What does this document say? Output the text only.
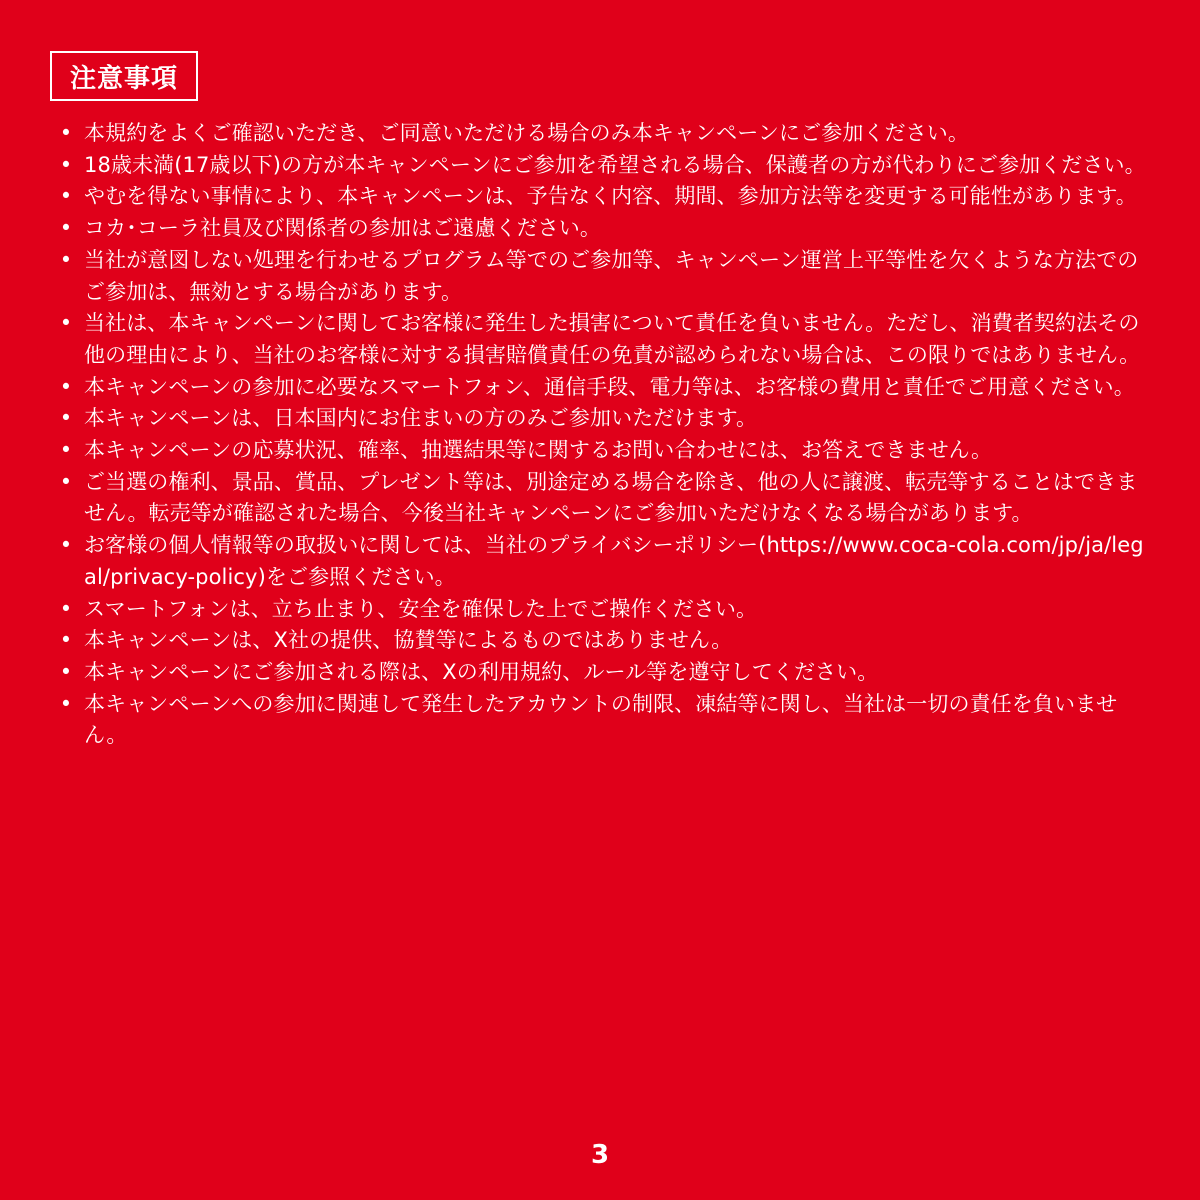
注意事項
• 本規約をよくご確認いただき、ご同意いただける場合のみ本キャンペーンにご参加ください。
• 18歳未満(17歳以下)の方が本キャンペーンにご参加を希望される場合、保護者の方が代わりにご参加ください。
• やむを得ない事情により、本キャンペーンは、予告なく内容、期間、参加方法等を変更する可能性があります。
• コカ･コーラ社員及び関係者の参加はご遠慮ください。
• 当社が意図しない処理を行わせるプログラム等でのご参加等、キャンペーン運営上平等性を欠くような方法でのご参加は、無効とする場合があります。
• 当社は、本キャンペーンに関してお客様に発生した損害について責任を負いません。ただし、消費者契約法その他の理由により、当社のお客様に対する損害賠償責任の免責が認められない場合は、この限りではありません。
• 本キャンペーンの参加に必要なスマートフォン、通信手段、電力等は、お客様の費用と責任でご用意ください。
• 本キャンペーンは、日本国内にお住まいの方のみご参加いただけます。
• 本キャンペーンの応募状況、確率、抽選結果等に関するお問い合わせには、お答えできません。
• ご当選の権利、景品、賞品、プレゼント等は、別途定める場合を除き、他の人に譲渡、転売等することはできません。転売等が確認された場合、今後当社キャンペーンにご参加いただけなくなる場合があります。
• お客様の個人情報等の取扱いに関しては、当社のプライバシーポリシー(https://www.coca-cola.com/jp/ja/legal/privacy-policy)をご参照ください。
• スマートフォンは、立ち止まり、安全を確保した上でご操作ください。
• 本キャンペーンは、X社の提供、協賛等によるものではありません。
• 本キャンペーンにご参加される際は、Xの利用規約、ルール等を遵守してください。
• 本キャンペーンへの参加に関連して発生したアカウントの制限、凍結等に関し、当社は一切の責任を負いません。
3
